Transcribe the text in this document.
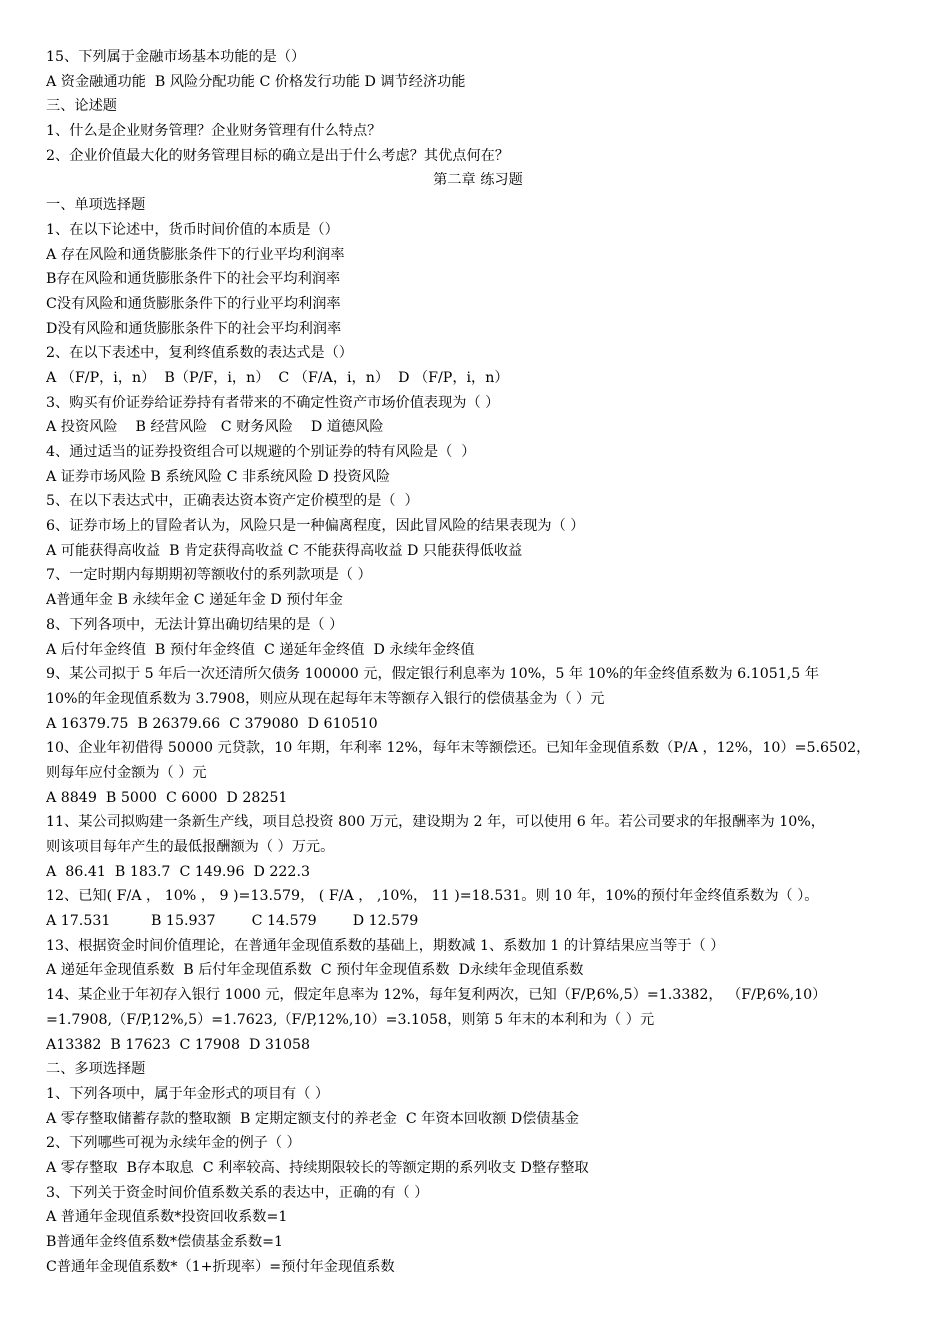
15、下列属于金融市场基本功能的是（）
A 资金融通功能  B 风险分配功能 C 价格发行功能 D 调节经济功能
三、论述题
1、什么是企业财务管理？企业财务管理有什么特点？
2、企业价值最大化的财务管理目标的确立是出于什么考虑？其优点何在？
第二章 练习题
一、单项选择题
1、在以下论述中，货币时间价值的本质是（）
A 存在风险和通货膨胀条件下的行业平均利润率
B存在风险和通货膨胀条件下的社会平均利润率
C没有风险和通货膨胀条件下的行业平均利润率
D没有风险和通货膨胀条件下的社会平均利润率
2、在以下表述中，复利终值系数的表达式是（）
A （F/P，i，n）  B（P/F，i，n）  C （F/A，i，n）  D （F/P，i，n）
3、购买有价证券给证券持有者带来的不确定性资产市场价值表现为（ ）
A 投资风险    B 经营风险   C 财务风险    D 道德风险
4、通过适当的证券投资组合可以规避的个别证券的特有风险是（  ）
A 证券市场风险 B 系统风险 C 非系统风险 D 投资风险
5、在以下表达式中，正确表达资本资产定价模型的是（  ）
6、证券市场上的冒险者认为，风险只是一种偏离程度，因此冒风险的结果表现为（ ）
A 可能获得高收益  B 肯定获得高收益 C 不能获得高收益 D 只能获得低收益
7、一定时期内每期期初等额收付的系列款项是（ ）
A普通年金 B 永续年金 C 递延年金 D 预付年金
8、下列各项中，无法计算出确切结果的是（ ）
A 后付年金终值  B 预付年金终值  C 递延年金终值  D 永续年金终值
9、某公司拟于 5 年后一次还清所欠债务 100000 元，假定银行利息率为 10%，5 年 10%的年金终值系数为 6.1051,5 年
10%的年金现值系数为 3.7908，则应从现在起每年末等额存入银行的偿债基金为（ ）元
A 16379.75  B 26379.66  C 379080  D 610510
10、企业年初借得 50000 元贷款，10 年期，年利率 12%，每年末等额偿还。已知年金现值系数（P/A ，12%，10）=5.6502，
则每年应付金额为（ ）元
A 8849  B 5000  C 6000  D 28251
11、某公司拟购建一条新生产线，项目总投资 800 万元，建设期为 2 年，可以使用 6 年。若公司要求的年报酬率为 10%，
则该项目每年产生的最低报酬额为（ ）万元。
A  86.41  B 183.7  C 149.96  D 222.3
12、已知( F/A ， 10% ， 9 )=13.579， ( F/A ， ,10%， 11 )=18.531。则 10 年，10%的预付年金终值系数为（ ）。
A 17.531         B 15.937        C 14.579        D 12.579
13、根据资金时间价值理论，在普通年金现值系数的基础上，期数减 1、系数加 1 的计算结果应当等于（ ）
A 递延年金现值系数  B 后付年金现值系数  C 预付年金现值系数  D永续年金现值系数
14、某企业于年初存入银行 1000 元，假定年息率为 12%，每年复利两次，已知（F/P,6%,5）=1.3382， （F/P,6%,10）
=1.7908,（F/P,12%,5）=1.7623,（F/P,12%,10）=3.1058，则第 5 年末的本利和为（ ）元
A13382  B 17623  C 17908  D 31058
二、多项选择题
1、下列各项中，属于年金形式的项目有（ ）
A 零存整取储蓄存款的整取额  B 定期定额支付的养老金  C 年资本回收额 D偿债基金
2、下列哪些可视为永续年金的例子（ ）
A 零存整取  B存本取息  C 利率较高、持续期限较长的等额定期的系列收支 D整存整取
3、下列关于资金时间价值系数关系的表达中，正确的有（ ）
A 普通年金现值系数*投资回收系数=1
B普通年金终值系数*偿债基金系数=1
C普通年金现值系数*（1+折现率）=预付年金现值系数
